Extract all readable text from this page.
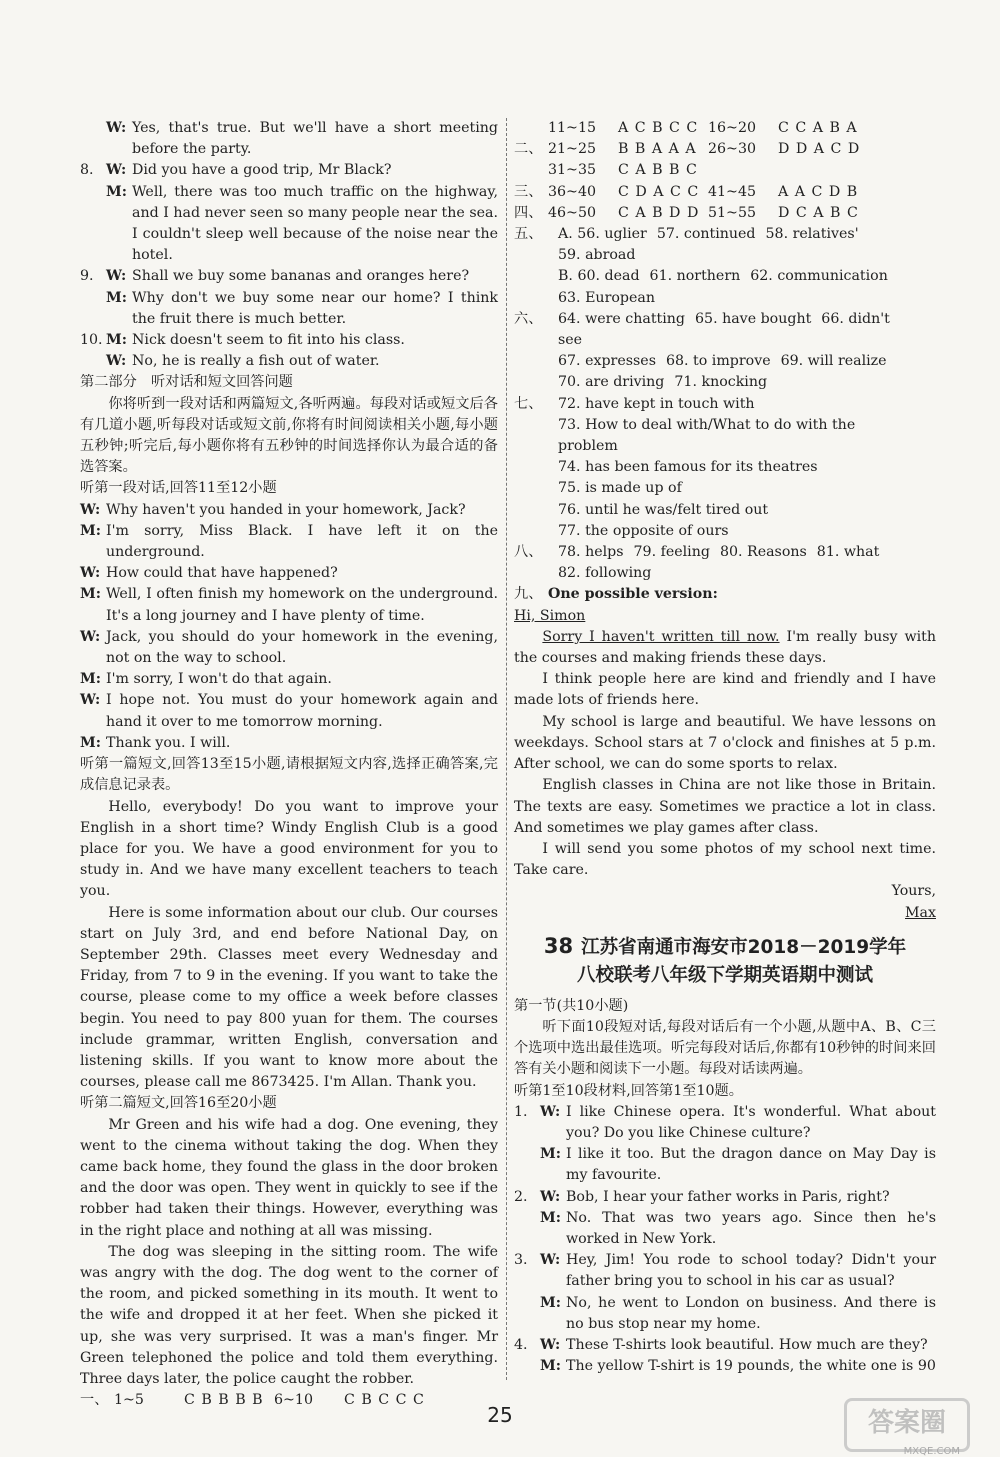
W: Yes, that's true. But we'll have a short meeting before the party.
8. W: Did you have a good trip, Mr Black?
M: Well, there was too much traffic on the highway, and I had never seen so many people near the sea. I couldn't sleep well because of the noise near the hotel.
9. W: Shall we buy some bananas and oranges here?
M: Why don't we buy some near our home? I think the fruit there is much better.
10. M: Nick doesn't seem to fit into his class.
W: No, he is really a fish out of water.
第二部分　听对话和短文回答问题
你将听到一段对话和两篇短文,各听两遍。每段对话或短文后各有几道小题,听每段对话或短文前,你将有时间阅读相关小题,每小题五秒钟;听完后,每小题你将有五秒钟的时间选择你认为最合适的备选答案。
听第一段对话,回答11至12小题
W: Why haven't you handed in your homework, Jack?
M: I'm sorry, Miss Black. I have left it on the underground.
W: How could that have happened?
M: Well, I often finish my homework on the underground. It's a long journey and I have plenty of time.
W: Jack, you should do your homework in the evening, not on the way to school.
M: I'm sorry, I won't do that again.
W: I hope not. You must do your homework again and hand it over to me tomorrow morning.
M: Thank you. I will.
听第一篇短文,回答13至15小题,请根据短文内容,选择正确答案,完成信息记录表。
Hello, everybody! Do you want to improve your English in a short time? Windy English Club is a good place for you. We have a good environment for you to study in. And we have many excellent teachers to teach you.
Here is some information about our club. Our courses start on July 3rd, and end before National Day, on September 29th. Classes meet every Wednesday and Friday, from 7 to 9 in the evening. If you want to take the course, please come to my office a week before classes begin. You need to pay 800 yuan for them. The courses include grammar, written English, conversation and listening skills. If you want to know more about the courses, please call me 8673425. I'm Allan. Thank you.
听第二篇短文,回答16至20小题
Mr Green and his wife had a dog. One evening, they went to the cinema without taking the dog. When they came back home, they found the glass in the door broken and the door was open. They went in quickly to see if the robber had taken their things. However, everything was in the right place and nothing at all was missing.
The dog was sleeping in the sitting room. The wife was angry with the dog. The dog went to the corner of the room, and picked something in its mouth. It went to the wife and dropped it at her feet. When she picked it up, she was very surprised. It was a man's finger. Mr Green telephoned the police and told them everything. Three days later, the police caught the robber.
一、 1~5	C B B B B 6~10	C B C C C
11~15	A C B C C 16~20	C C A B A
二、 21~25	B B A A A 26~30	D D A C D
31~35	C A B B C
三、 36~40	C D A C C 41~45	A A C D B
四、 46~50	C A B D D 51~55	D C A B C
五、	A. 56. uglier 57. continued 58. relatives'
59. abroad
B. 60. dead 61. northern 62. communication
63. European
六、	64. were chatting 65. have bought 66. didn't see
67. expresses 68. to improve 69. will realize
70. are driving 71. knocking
七、	72. have kept in touch with
73. How to deal with/What to do with the problem
74. has been famous for its theatres
75. is made up of
76. until he was/felt tired out
77. the opposite of ours
八、	78. helps 79. feeling 80. Reasons 81. what
82. following
九、 One possible version:
Hi, Simon
Sorry I haven't written till now. I'm really busy with the courses and making friends these days.
I think people here are kind and friendly and I have made lots of friends here.
My school is large and beautiful. We have lessons on weekdays. School stars at 7 o'clock and finishes at 5 p.m. After school, we can do some sports to relax.
English classes in China are not like those in Britain. The texts are easy. Sometimes we practice a lot in class. And sometimes we play games after class.
I will send you some photos of my school next time. Take care.
Yours,
Max
38 江苏省南通市海安市2018－2019学年
八校联考八年级下学期英语期中测试
第一节(共10小题)
听下面10段短对话,每段对话后有一个小题,从题中A、B、C三个选项中选出最佳选项。听完每段对话后,你都有10秒钟的时间来回答有关小题和阅读下一小题。每段对话读两遍。
听第1至10段材料,回答第1至10题。
1. W: I like Chinese opera. It's wonderful. What about you? Do you like Chinese culture?
M: I like it too. But the dragon dance on May Day is my favourite.
2. W: Bob, I hear your father works in Paris, right?
M: No. That was two years ago. Since then he's worked in New York.
3. W: Hey, Jim! You rode to school today? Didn't your father bring you to school in his car as usual?
M: No, he went to London on business. And there is no bus stop near my home.
4. W: These T-shirts look beautiful. How much are they?
M: The yellow T-shirt is 19 pounds, the white one is 90
25	答案圈
MXQE.COM
